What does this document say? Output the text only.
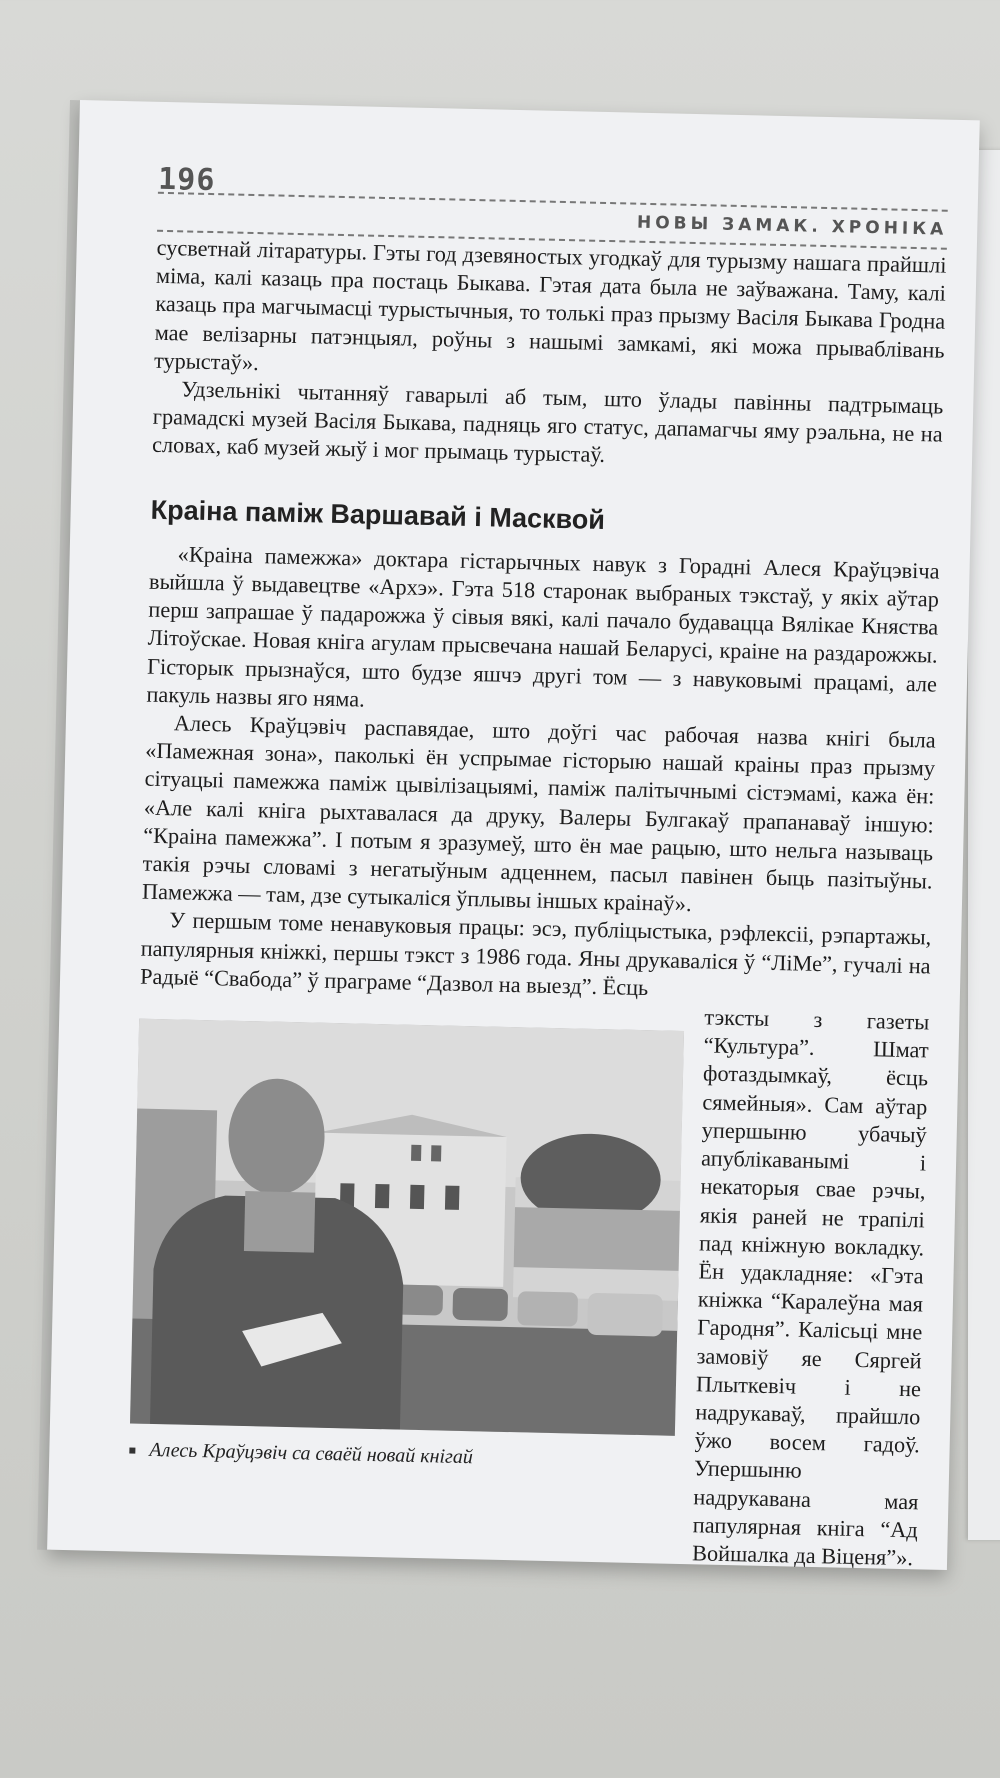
196
НОВЫ ЗАМАК. ХРОНІКА

сусветнай літаратуры. Гэты год дзевяностых угодкаў для турызму нашага прайшлі міма, калі казаць пра постаць Быкава. Гэтая дата была не заўважана. Таму, калі казаць пра магчымасці турыстычныя, то толькі праз прызму Васіля Быкава Гродна мае велізарны патэнцыял, роўны з нашымі замкамі, які можа прываблівань турыстаў».

Удзельнікі чытанняў гаварылі аб тым, што ўлады павінны падтрымаць грамадскі музей Васіля Быкава, падняць яго статус, дапамагчы яму рэальна, не на словах, каб музей жыў і мог прымаць турыстаў.

Краіна паміж Варшавай і Масквой

«Краіна памежжа» доктара гістарычных навук з Горадні Алеся Краўцэвіча выйшла ў выдавецтве «Архэ». Гэта 518 старонак выбраных тэкстаў, у якіх аўтар перш запрашае ў падарожжа ў сівыя вякі, калі пачало будавацца Вялікае Княства Літоўскае. Новая кніга агулам прысвечана нашай Беларусі, краіне на раздарожжы. Гісторык прызнаўся, што будзе яшчэ другі том — з навуковымі працамі, але пакуль назвы яго няма.

Алесь Краўцэвіч распавядае, што доўгі час рабочая назва кнігі была «Памежная зона», паколькі ён успрымае гісторыю нашай краіны праз прызму сітуацыі памежжа паміж цывілізацыямі, паміж палітычнымі сістэмамі, кажа ён: «Але калі кніга рыхтавалася да друку, Валеры Булгакаў прапанаваў іншую: “Краіна памежжа”. І потым я зразумеў, што ён мае рацыю, што нельга называць такія рэчы словамі з негатыўным адценнем, пасыл павінен быць пазітыўны. Памежжа — там, дзе сутыкаліся ўплывы іншых краінаў».

У першым томе ненавуковыя працы: эсэ, публіцыстыка, рэфлексіі, рэпартажы, папулярныя кніжкі, першы тэкст з 1986 года. Яны друкаваліся ў “ЛіМе”, гучалі на Радыё “Свабода” ў праграме “Дазвол на выезд”. Ёсць

Алесь Краўцэвіч са сваёй новай кнігай

тэксты з газеты “Культура”. Шмат фотаздымкаў, ёсць сямейныя». Сам аўтар упершыню убачыў апублікаванымі і некаторыя свае рэчы, якія раней не трапілі пад кніжную вокладку. Ён удакладняе: «Гэта кніжка “Каралеўна мая Гародня”. Калісьці мне замовіў яе Сяргей Плыткевіч і не надрукаваў, прайшло ўжо восем гадоў. Упершыню надрукавана мая папулярная кніга “Ад Войшалка да Віценя”».
